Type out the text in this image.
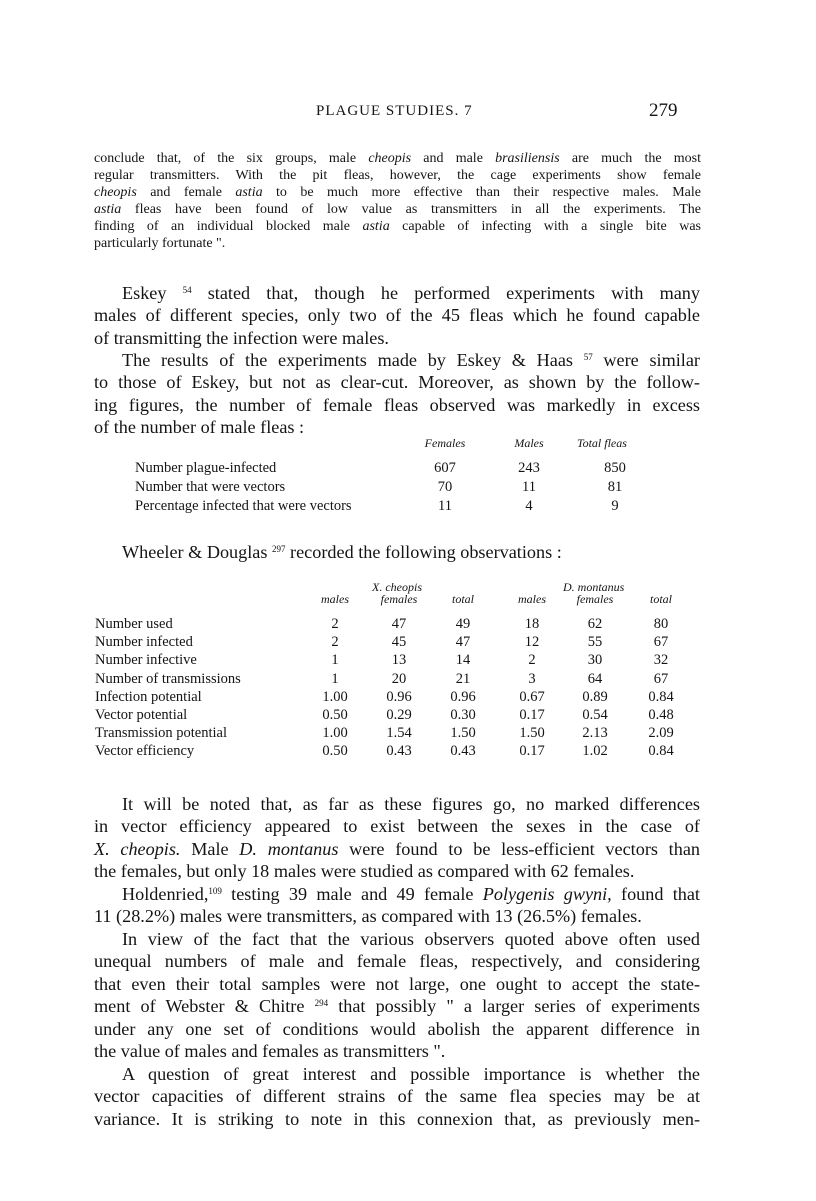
PLAGUE STUDIES. 7	279
conclude that, of the six groups, male cheopis and male brasiliensis are much the most
regular transmitters. With the pit fleas, however, the cage experiments show female
cheopis and female astia to be much more effective than their respective males. Male
astia fleas have been found of low value as transmitters in all the experiments. The
finding of an individual blocked male astia capable of infecting with a single bite was
particularly fortunate ".
Eskey $^{54}$ stated that, though he performed experiments with many
males of different species, only two of the 45 fleas which he found capable
of transmitting the infection were males.
The results of the experiments made by Eskey & Haas $^{57}$ were similar
to those of Eskey, but not as clear-cut. Moreover, as shown by the follow-
ing figures, the number of female fleas observed was markedly in excess
of the number of male fleas :
Females	Males	Total fleas
Number plague-infected	607	243	850
Number that were vectors	70	11	81
Percentage infected that were vectors	11	4	9
Wheeler & Douglas $^{297}$ recorded the following observations :
X. cheopis	D. montanus
males	females	total	males	females	total
Number used	2	47	49	18	62	80
Number infected	2	45	47	12	55	67
Number infective	1	13	14	2	30	32
Number of transmissions	1	20	21	3	64	67
Infection potential	1.00	0.96	0.96	0.67	0.89	0.84
Vector potential	0.50	0.29	0.30	0.17	0.54	0.48
Transmission potential	1.00	1.54	1.50	1.50	2.13	2.09
Vector efficiency	0.50	0.43	0.43	0.17	1.02	0.84
It will be noted that, as far as these figures go, no marked differences
in vector efficiency appeared to exist between the sexes in the case of
X. cheopis. Male D. montanus were found to be less-efficient vectors than
the females, but only 18 males were studied as compared with 62 females.
Holdenried,$^{109}$ testing 39 male and 49 female Polygenis gwyni, found that
11 (28.2%) males were transmitters, as compared with 13 (26.5%) females.
In view of the fact that the various observers quoted above often used
unequal numbers of male and female fleas, respectively, and considering
that even their total samples were not large, one ought to accept the state-
ment of Webster & Chitre $^{294}$ that possibly " a larger series of experiments
under any one set of conditions would abolish the apparent difference in
the value of males and females as transmitters ".
A question of great interest and possible importance is whether the
vector capacities of different strains of the same flea species may be at
variance. It is striking to note in this connexion that, as previously men-
